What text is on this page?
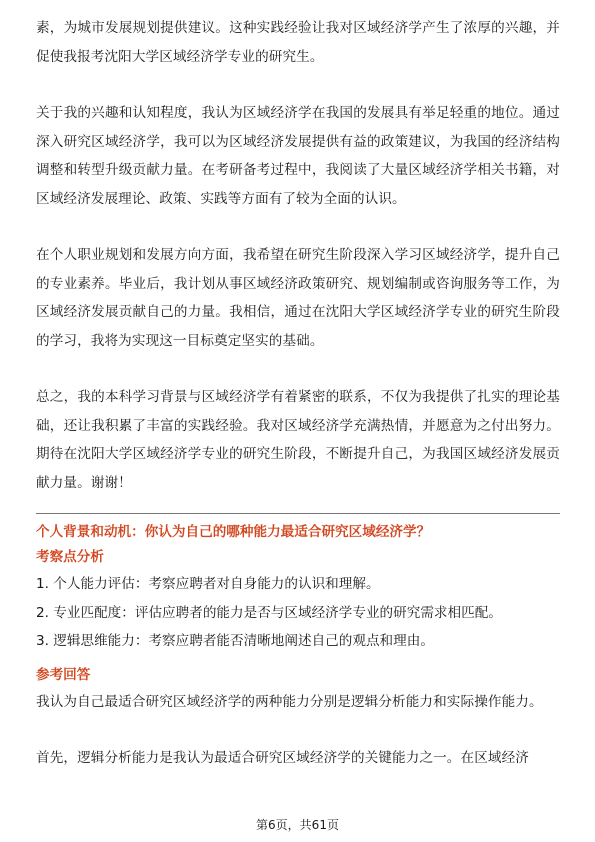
素，为城市发展规划提供建议。这种实践经验让我对区域经济学产生了浓厚的兴趣，并促使我报考沈阳大学区域经济学专业的研究生。

关于我的兴趣和认知程度，我认为区域经济学在我国的发展具有举足轻重的地位。通过深入研究区域经济学，我可以为区域经济发展提供有益的政策建议，为我国的经济结构调整和转型升级贡献力量。在考研备考过程中，我阅读了大量区域经济学相关书籍，对区域经济发展理论、政策、实践等方面有了较为全面的认识。

在个人职业规划和发展方向方面，我希望在研究生阶段深入学习区域经济学，提升自己的专业素养。毕业后，我计划从事区域经济政策研究、规划编制或咨询服务等工作，为区域经济发展贡献自己的力量。我相信，通过在沈阳大学区域经济学专业的研究生阶段的学习，我将为实现这一目标奠定坚实的基础。

总之，我的本科学习背景与区域经济学有着紧密的联系，不仅为我提供了扎实的理论基础，还让我积累了丰富的实践经验。我对区域经济学充满热情，并愿意为之付出努力。期待在沈阳大学区域经济学专业的研究生阶段，不断提升自己，为我国区域经济发展贡献力量。谢谢！

个人背景和动机：你认为自己的哪种能力最适合研究区域经济学？

考察点分析

1. 个人能力评估：考察应聘者对自身能力的认识和理解。

2. 专业匹配度：评估应聘者的能力是否与区域经济学专业的研究需求相匹配。

3. 逻辑思维能力：考察应聘者能否清晰地阐述自己的观点和理由。

参考回答

我认为自己最适合研究区域经济学的两种能力分别是逻辑分析能力和实际操作能力。

首先，逻辑分析能力是我认为最适合研究区域经济学的关键能力之一。在区域经济

第6页，共61页
